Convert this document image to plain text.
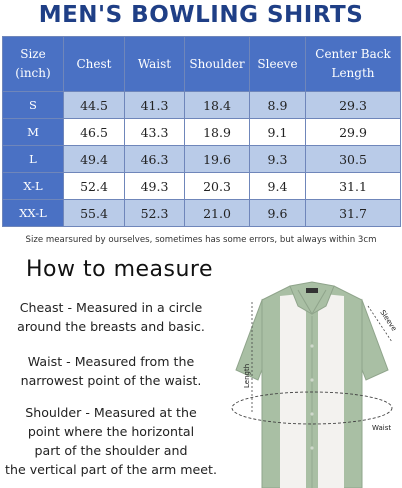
MEN'S BOWLING SHIRTS
Size
(inch)	Chest	Waist	Shoulder	Sleeve	Center Back
Length
S	44.5	41.3	18.4	8.9	29.3
M	46.5	43.3	18.9	9.1	29.9
L	49.4	46.3	19.6	9.3	30.5
X-L	52.4	49.3	20.3	9.4	31.1
XX-L	55.4	52.3	21.0	9.6	31.7
Size mearsured by ourselves, sometimes has some errors, but always within 3cm
How to measure
Cheast - Measured in a circle
around the breasts and basic.
Waist - Measured from the
narrowest point of the waist.
Shoulder - Measured at the
point where the horizontal
part of the shoulder and
the vertical part of the arm meet.
Sleeve
Length
Waist
